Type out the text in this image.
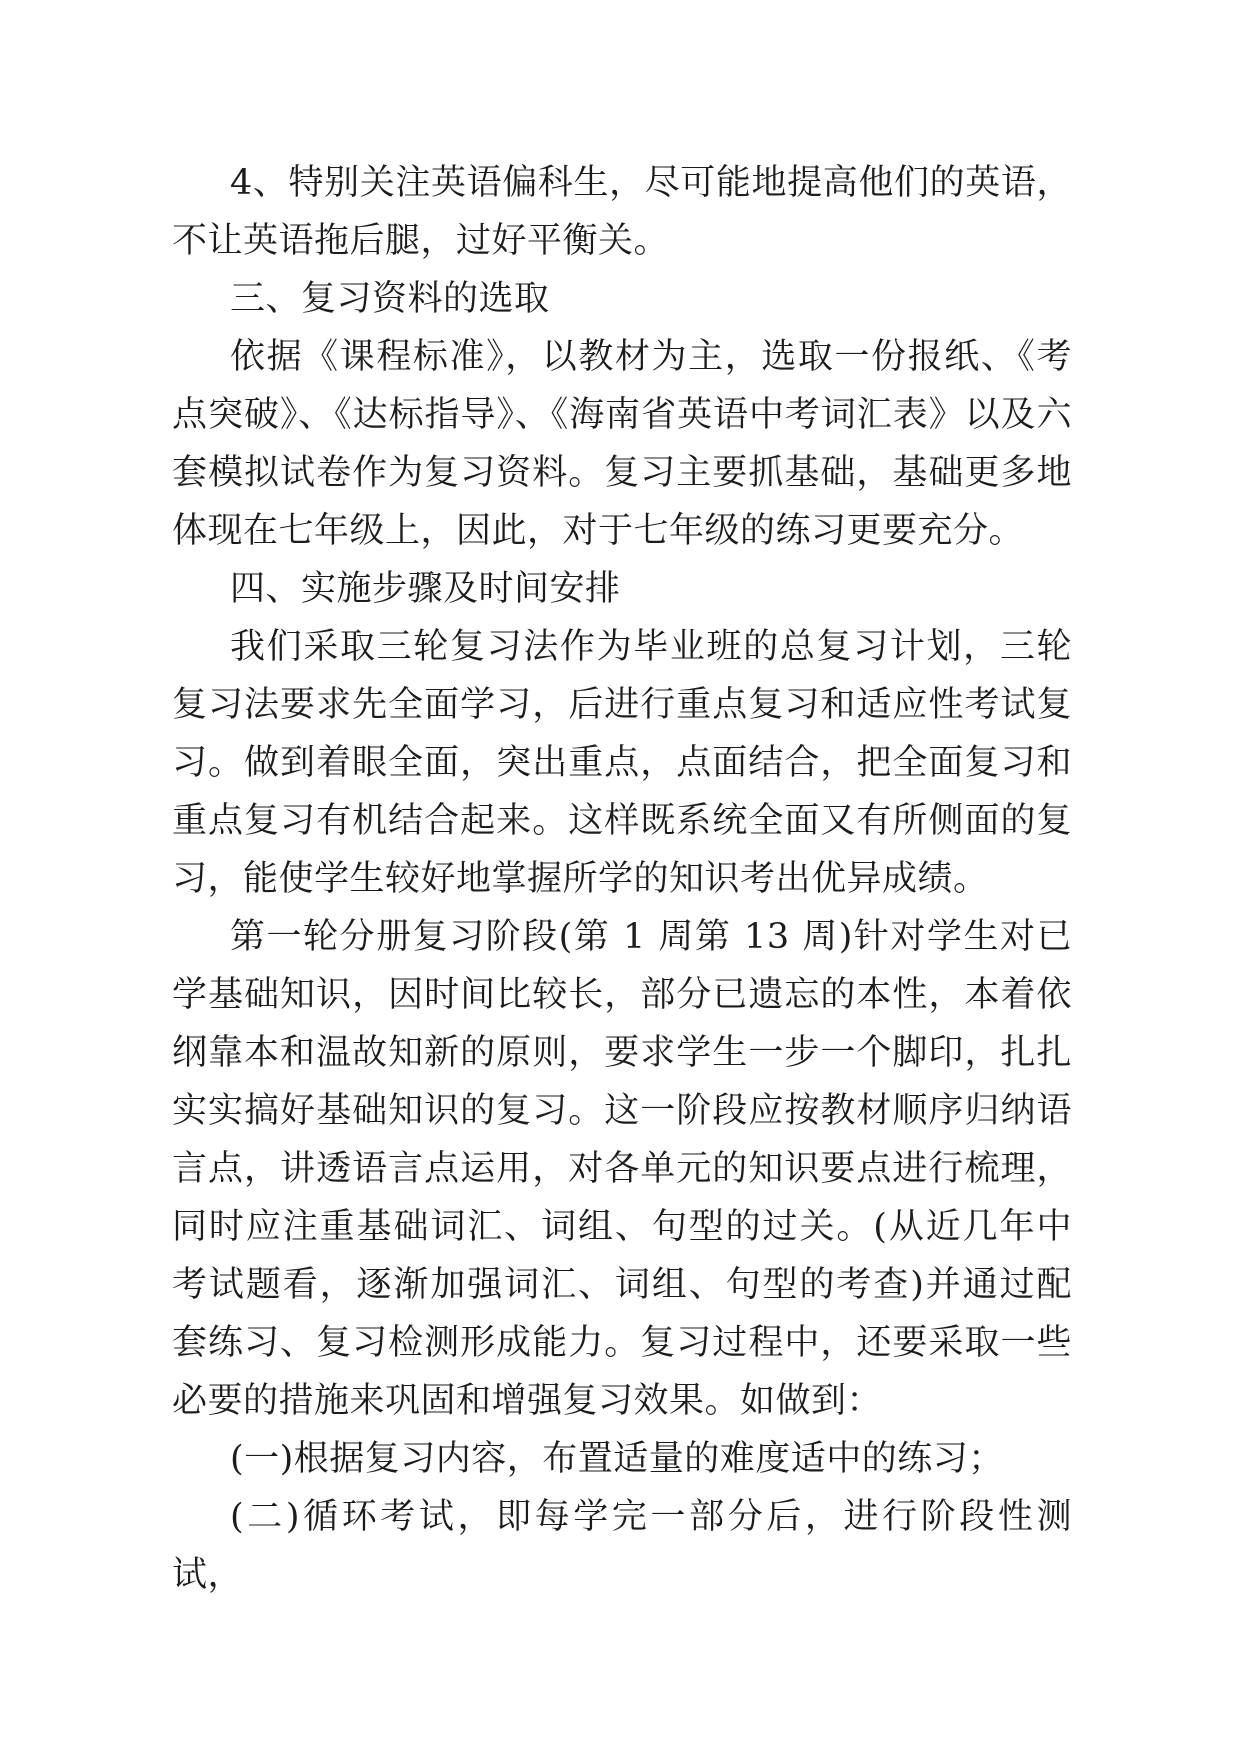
4、特别关注英语偏科生，尽可能地提高他们的英语，不让英语拖后腿，过好平衡关。

三、复习资料的选取

依据《课程标准》，以教材为主，选取一份报纸、《考点突破》、《达标指导》、《海南省英语中考词汇表》以及六套模拟试卷作为复习资料。复习主要抓基础，基础更多地体现在七年级上，因此，对于七年级的练习更要充分。

四、实施步骤及时间安排

我们采取三轮复习法作为毕业班的总复习计划，三轮复习法要求先全面学习，后进行重点复习和适应性考试复习。做到着眼全面，突出重点，点面结合，把全面复习和重点复习有机结合起来。这样既系统全面又有所侧面的复习，能使学生较好地掌握所学的知识考出优异成绩。

第一轮分册复习阶段(第 1 周第 13 周)针对学生对已学基础知识，因时间比较长，部分已遗忘的本性，本着依纲靠本和温故知新的原则，要求学生一步一个脚印，扎扎实实搞好基础知识的复习。这一阶段应按教材顺序归纳语言点，讲透语言点运用，对各单元的知识要点进行梳理，同时应注重基础词汇、词组、句型的过关。(从近几年中考试题看，逐渐加强词汇、词组、句型的考查)并通过配套练习、复习检测形成能力。复习过程中，还要采取一些必要的措施来巩固和增强复习效果。如做到：

(一)根据复习内容，布置适量的难度适中的练习；

(二)循环考试，即每学完一部分后，进行阶段性测试，
